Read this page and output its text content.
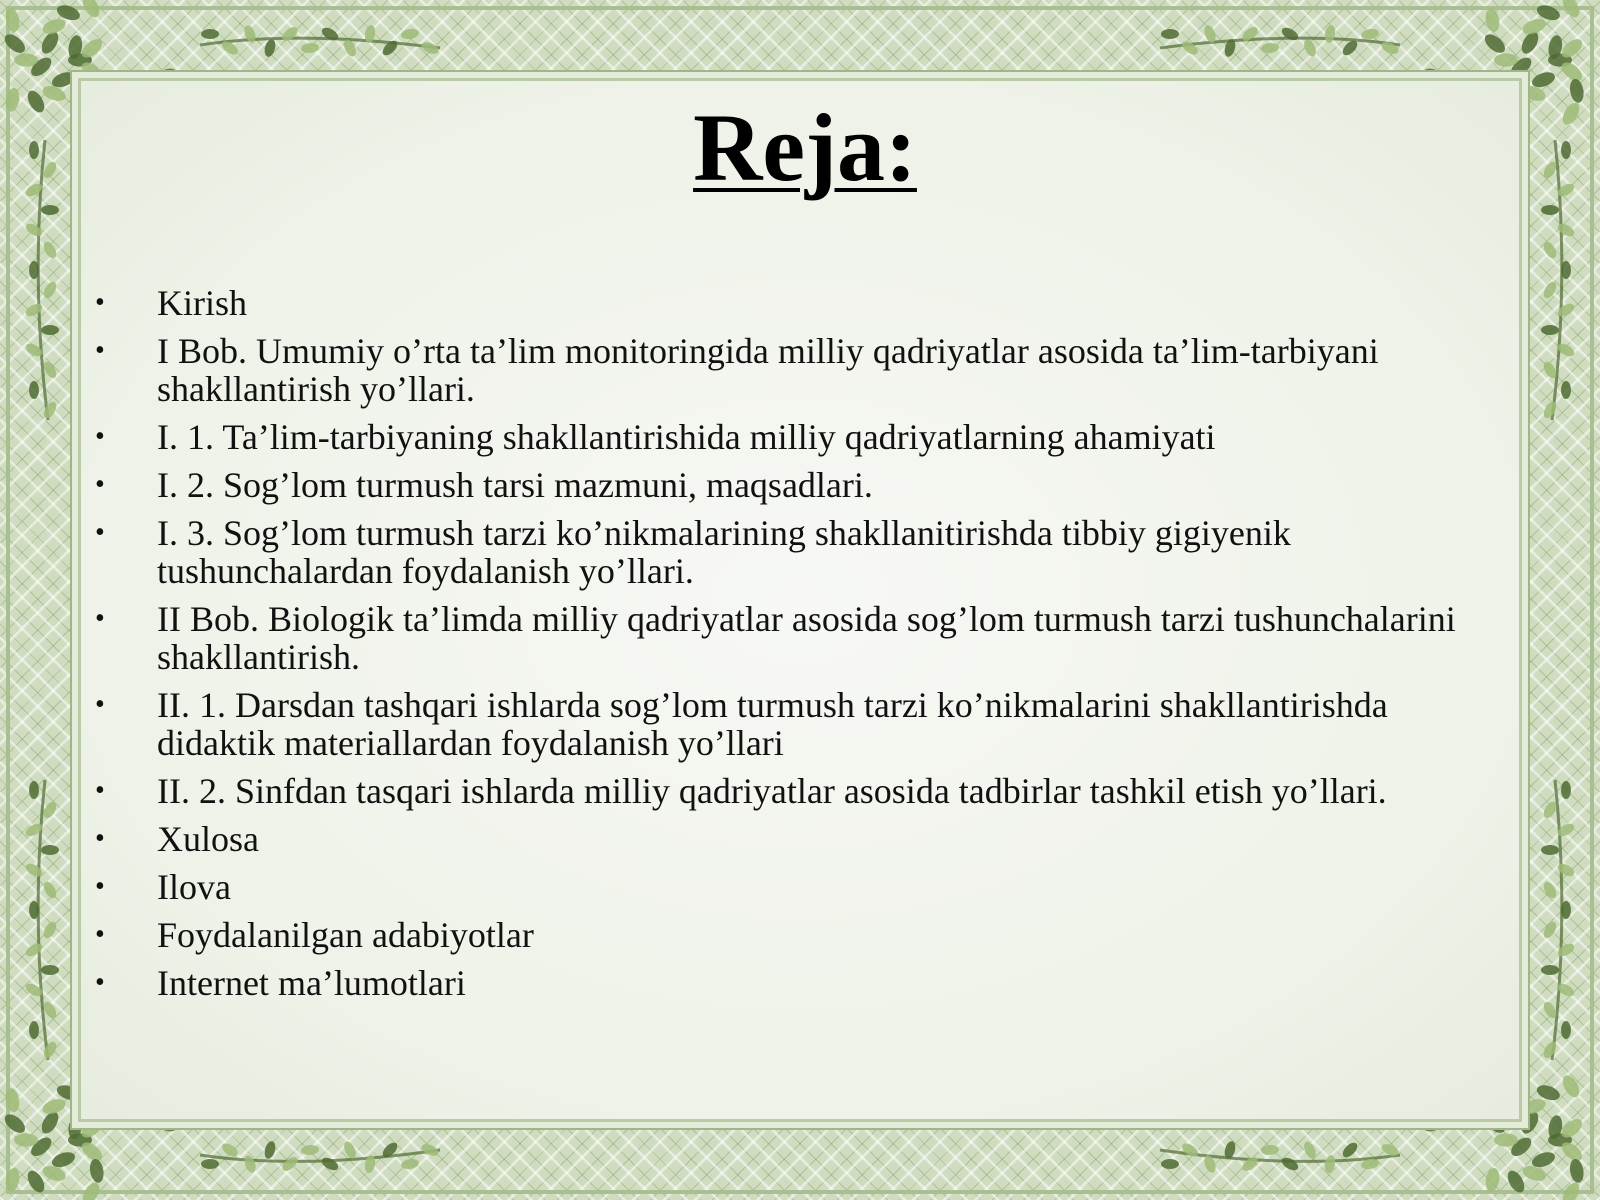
Reja:
• Kirish
• I Bob. Umumiy o’rta ta’lim monitoringida milliy qadriyatlar asosida ta’lim-tarbiyani shakllantirish yo’llari.
• I. 1. Ta’lim-tarbiyaning shakllantirishida milliy qadriyatlarning ahamiyati
• I. 2. Sog’lom turmush tarsi mazmuni, maqsadlari.
• I. 3. Sog’lom turmush tarzi ko’nikmalarining shakllanitirishda tibbiy gigiyenik tushunchalardan foydalanish yo’llari.
• II Bob. Biologik ta’limda milliy qadriyatlar asosida sog’lom turmush tarzi tushunchalarini shakllantirish.
• II. 1. Darsdan tashqari ishlarda sog’lom turmush tarzi ko’nikmalarini shakllantirishda didaktik materiallardan foydalanish yo’llari
• II. 2. Sinfdan tasqari ishlarda milliy qadriyatlar asosida tadbirlar tashkil etish yo’llari.
• Xulosa
• Ilova
• Foydalanilgan adabiyotlar
• Internet ma’lumotlari
